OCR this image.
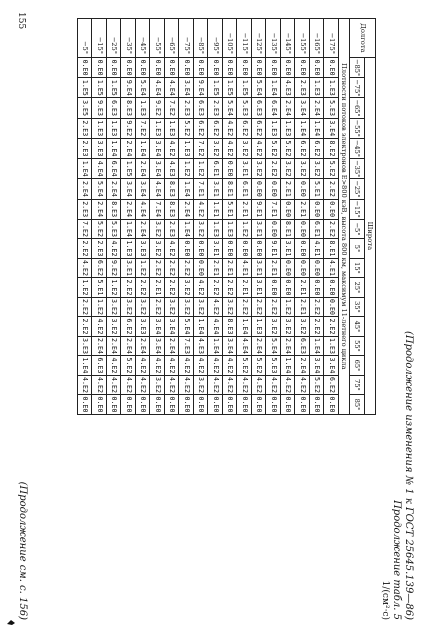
(Продолжение изменения № 1 к ГОСТ 25645.139—86)
Продолжение табл. 5
1/(см²·с)
Долгота	Широта																	
	−85°	−75°	−65°	−55°	−45°	−35°	−25°	−15°	−5°	5°	15°	25°	35°	45°	55°	65°	75°	85°
Плотности потоков электронов E>800 кэВ, высота 800 км, максимум 11-летнего цикла																		
−175°	0.E0	1.E3	5.E3	3.E4	8.E2	5.E2	2.E2	0.E0	2.E2	8.E1	4.E1	0.E0	0.E0	2.E2	1.E3	3.E4	6.E2	0.E0
−165°	0.E0	1.E3	2.E4	1.E4	6.E2	3.E2	5.E1	0.E0	6.E1	4.E1	0.E0	0.E0	2.E2	2.E2	1.E4	3.E4	5.E2	0.E0
−155°	0.E0	2.E3	3.E4	1.E4	6.E2	3.E2	0.E0	2.E1	0.E0	0.E0	0.E0	2.E1	2.E1	3.E2	6.E3	2.E4	4.E2	0.E0
−145°	0.E0	4.E3	2.E4	1.E3	5.E2	3.E2	2.E1	0.E0	8.E1	3.E1	0.E0	0.E0	1.E2	3.E2	2.E4	1.E4	4.E2	0.E0
−135°	0.E0	1.E4	6.E4	1.E3	5.E2	2.E2	0.E0	7.E1	0.E0	9.E1	2.E1	0.E0	2.E2	3.E2	5.E4	5.E3	4.E2	0.E0
−125°	0.E0	5.E4	6.E3	6.E2	4.E2	3.E2	0.E0	9.E1	3.E1	0.E0	3.E1	3.E1	2.E2	1.E3	2.E4	5.E2	4.E2	0.E0
−115°	0.E0	1.E5	5.E3	6.E2	3.E2	3.E1	6.E1	2.E1	1.E2	0.E0	4.E1	2.E1	2.E2	1.E4	4.E4	5.E2	4.E2	0.E0
−105°	0.E0	1.E5	5.E4	4.E2	4.E2	0.E0	8.E1	5.E1	1.E3	0.E0	2.E1	2.E2	3.E2	8.E3	3.E4	4.E2	4.E2	0.E0
−95°	0.E0	1.E5	2.E3	6.E2	3.E2	6.E1	3.E1	1.E1	1.E3	3.E1	2.E1	2.E2	4.E2	4.E4	1.E4	4.E2	4.E2	0.E0
−85°	0.E0	9.E4	6.E3	6.E2	7.E2	1.E2	7.E1	4.E2	3.E2	0.E0	0.E0	4.E2	3.E2	1.E4	4.E3	4.E2	3.E2	0.E0
−75°	0.E0	3.E4	2.E3	5.E2	1.E3	1.E2	1.E4	2.E4	1.E4	0.E0	2.E2	3.E2	3.E2	5.E4	7.E3	4.E2	4.E2	0.E0
−65°	0.E0	4.E4	7.E2	1.E3	4.E2	4.E3	8.E3	8.E3	2.E3	4.E2	2.E2	2.E2	3.E2	3.E4	2.E4	4.E2	4.E2	0.E0
−55°	0.E0	4.E4	9.E2	1.E3	3.E4	3.E4	4.E4	7.E4	3.E2	3.E2	2.E2	2.E1	2.E2	3.E4	3.E4	4.E2	3.E2	0.E0
−45°	0.E0	5.E4	1.E3	7.E2	1.E4	2.E4	3.E4	4.E4	2.E4	3.E3	1.E2	2.E2	3.E2	3.E3	2.E4	4.E2	4.E2	0.E0
−35°	0.E0	9.E4	8.E3	9.E2	2.E4	1.E5	3.E4	2.E4	1.E4	1.E3	3.E1	2.E2	3.E2	6.E2	2.E4	5.E2	4.E2	0.E0
−25°	0.E0	1.E5	6.E3	1.E3	1.E4	6.E4	2.E4	8.E3	5.E3	4.E2	9.E2	1.E2	3.E2	3.E2	2.E4	4.E2	4.E2	0.E0
−15°	0.E0	1.E5	9.E3	1.E3	3.E3	4.E4	5.E4	2.E4	5.E2	2.E3	6.E2	5.E1	1.E2	4.E2	2.E4	6.E3	4.E2	0.E0
−5°	0.E0	1.E5	3.E5	2.E3	2.E3	1.E4	2.E4	2.E3	7.E2	2.E2	4.E2	1.E2	2.E2	2.E2	3.E3	1.E4	4.E2	0.E0
155
(Продолжение см. с. 156)
